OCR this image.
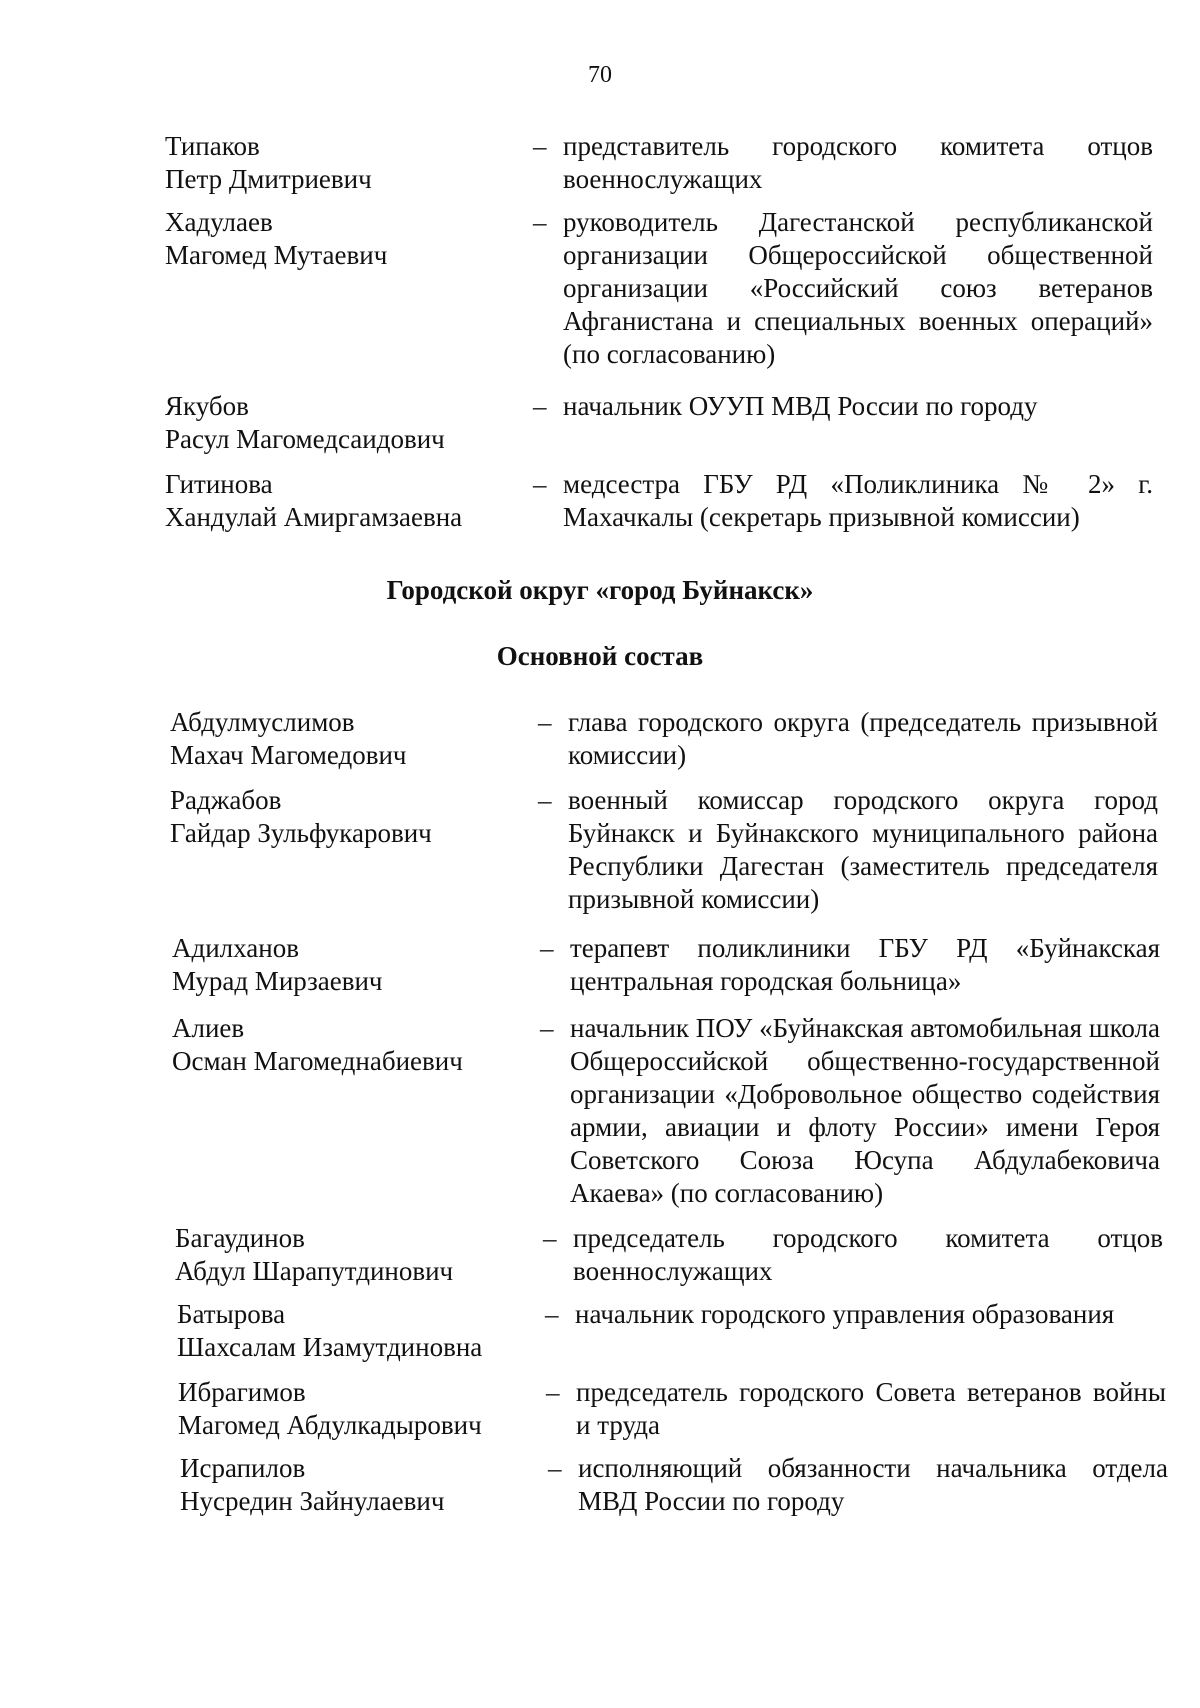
70
Типаков
Петр Дмитриевич
– представитель городского комитета отцов военнослужащих
Хадулаев
Магомед Мутаевич
– руководитель Дагестанской республиканской организации Общероссийской общественной организации «Российский союз ветеранов Афганистана и специальных военных операций» (по согласованию)
Якубов
Расул Магомедсаидович
– начальник ОУУП МВД России по городу
Гитинова
Хандулай Амиргамзаевна
– медсестра ГБУ РД «Поликлиника № 2» г. Махачкалы (секретарь призывной комиссии)
Городской округ «город Буйнакск»
Основной состав
Абдулмуслимов
Махач Магомедович
– глава городского округа (председатель призывной комиссии)
Раджабов
Гайдар Зульфукарович
– военный комиссар городского округа город Буйнакск и Буйнакского муниципального района Республики Дагестан (заместитель председателя призывной комиссии)
Адилханов
Мурад Мирзаевич
– терапевт поликлиники ГБУ РД «Буйнакская центральная городская больница»
Алиев
Осман Магомеднабиевич
– начальник ПОУ «Буйнакская автомобильная школа Общероссийской общественно-государственной организации «Добровольное общество содействия армии, авиации и флоту России» имени Героя Советского Союза Юсупа Абдулабековича Акаева» (по согласованию)
Багаудинов
Абдул Шарапутдинович
– председатель городского комитета отцов военнослужащих
Батырова
Шахсалам Изамутдиновна
– начальник городского управления образования
Ибрагимов
Магомед Абдулкадырович
– председатель городского Совета ветеранов войны и труда
Исрапилов
Нусредин Зайнулаевич
– исполняющий обязанности начальника отдела МВД России по городу
